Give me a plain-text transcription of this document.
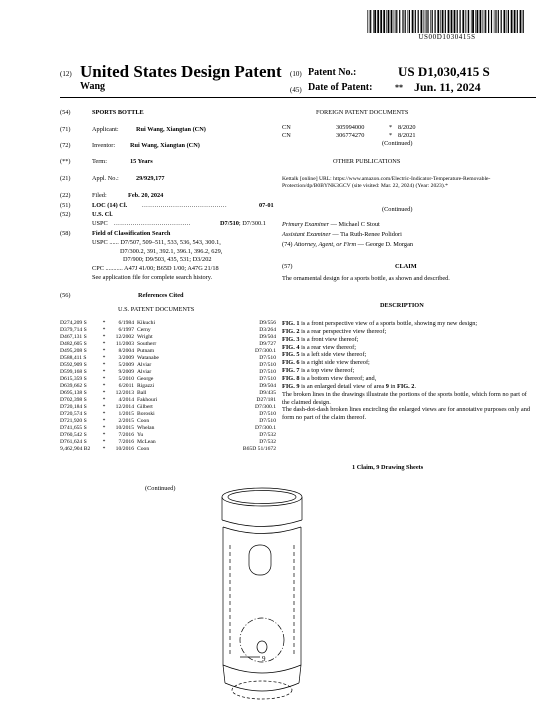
US00D1030415S
(12) United States Design Patent
Wang
(10) Patent No.:	US D1,030,415 S
(45) Date of Patent:	** Jun. 11, 2024
(54)	SPORTS BOTTLE
(71)	Applicant:	Rui Wang, Xiangtan (CN)
(72)	Inventor: Rui Wang, Xiangtan (CN)
(**)	Term:	15 Years
(21)	Appl. No.:	29/929,177
(22)	Filed:	Feb. 20, 2024
(51)	LOC (14) Cl. .........................................	07-01
(52)	U.S. Cl.
USPC .....................................	D7/510; D7/300.1
(58)	Field of Classification Search
USPC ...... D7/507, 509–511, 533, 536, 543, 300.1,
D7/300.2, 391, 392.1, 396.1, 396.2, 629,
D7/900; D9/503, 435, 531; D3/202
CPC ........... A47J 41/00; B65D 1/00; A47G 21/18
See application file for complete search history.
(56)	References Cited
U.S. PATENT DOCUMENTS
D274,209 S	*	6/1984	Kikuchi	D9/556
D379,714 S	*	6/1997	Cerny	D3/264
D467,131 S	*	12/2002	Wright	D9/504
D482,605 S	*	11/2003	Southerr	D9/727
D495,208 S	*	8/2004	Putnam	D7/300.1
D588,411 S	*	3/2009	Watanabe	D7/510
D592,909 S	*	5/2009	Alviar	D7/510
D599,168 S	*	9/2009	Alviar	D7/510
D615,359 S	*	5/2010	George	D7/510
D639,662 S	*	6/2011	Rigazzi	D9/504
D695,138 S	*	12/2013	Ball	D9/435
D702,398 S	*	4/2014	Fakhouri	D27/181
D720,184 S	*	12/2014	Gilbert	D7/300.1
D720,574 S	*	1/2015	Boroski	D7/510
D721,920 S	*	2/2015	Coon	D7/510
D741,655 S	*	10/2015	Whelan	D7/300.1
D760,542 S	*	7/2016	Yu	D7/532
D761,624 S	*	7/2016	McLean	D7/532
9,462,904 B2	*	10/2016	Coon	B65D 51/1672
(Continued)
FOREIGN PATENT DOCUMENTS
CN	305994000	* 8/2020
CN	306774270	* 8/2021
(Continued)
OTHER PUBLICATIONS
Kettalk [online] URL: https://www.amazon.com/Electric-Indicator-Temperature-Removable-Protection/dp/B0BYNK3GCV (site visited: Mar. 22, 2024) (Year: 2023).*
(Continued)
Primary Examiner — Michael C Stout
Assistant Examiner — Tia Ruth-Renee Polidori
(74) Attorney, Agent, or Firm — George D. Morgan
(57)	CLAIM
The ornamental design for a sports bottle, as shown and described.
DESCRIPTION
FIG. 1 is a front perspective view of a sports bottle, showing my new design;
FIG. 2 is a rear perspective view thereof;
FIG. 3 is a front view thereof;
FIG. 4 is a rear view thereof;
FIG. 5 is a left side view thereof;
FIG. 6 is a right side view thereof;
FIG. 7 is a top view thereof;
FIG. 8 is a bottom view thereof; and,
FIG. 9 is an enlarged detail view of area 9 in FIG. 2.
The broken lines in the drawings illustrate the portions of the sports bottle, which form no part of the claimed design.
The dash-dot-dash broken lines encircling the enlarged views are for annotative purposes only and form no part of the claim thereof.
1 Claim, 9 Drawing Sheets
9
